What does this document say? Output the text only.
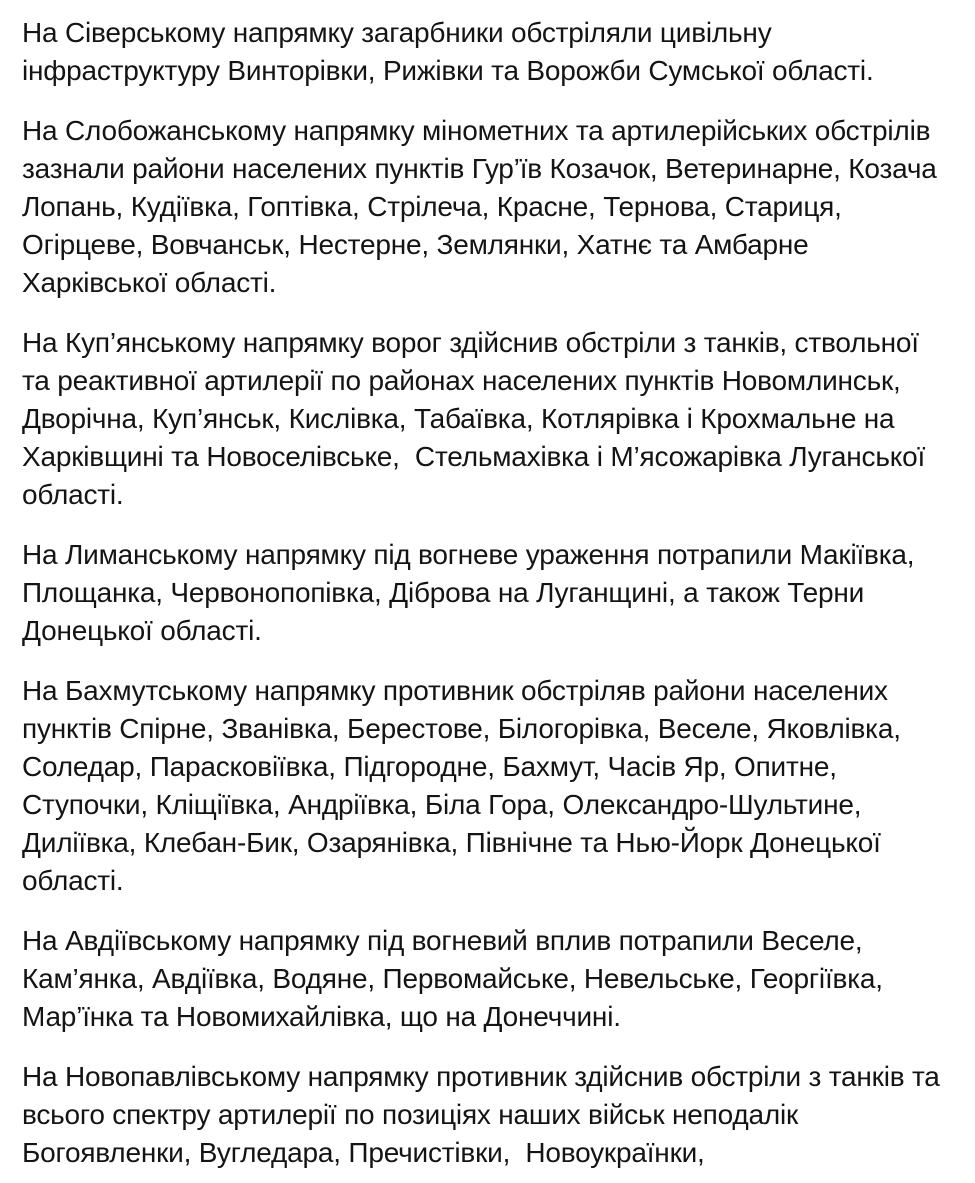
На Сіверському напрямку загарбники обстріляли цивільну інфраструктуру Винторівки, Рижівки та Ворожби Сумської області.

На Слобожанському напрямку мінометних та артилерійських обстрілів зазнали райони населених пунктів Гур’їв Козачок, Ветеринарне, Козача Лопань, Кудіївка, Гоптівка, Стрілеча, Красне, Тернова, Стариця, Огірцеве, Вовчанськ, Нестерне, Землянки, Хатнє та Амбарне Харківської області.

На Куп’янському напрямку ворог здійснив обстріли з танків, ствольної та реактивної артилерії по районах населених пунктів Новомлинськ, Дворічна, Куп’янськ, Кислівка, Табаївка, Котлярівка і Крохмальне на Харківщині та Новоселівське,  Стельмахівка і М’ясожарівка Луганської області.

На Лиманському напрямку під вогневе ураження потрапили Макіївка, Площанка, Червонопопівка, Діброва на Луганщині, а також Терни Донецької області.

На Бахмутському напрямку противник обстріляв райони населених пунктів Спірне, Званівка, Берестове, Білогорівка, Веселе, Яковлівка, Соледар, Парасковіївка, Підгородне, Бахмут, Часів Яр, Опитне, Ступочки, Кліщіївка, Андріївка, Біла Гора, Олександро-Шультине, Диліївка, Клебан-Бик, Озарянівка, Північне та Нью-Йорк Донецької області.

На Авдіївському напрямку під вогневий вплив потрапили Веселе, Кам’янка, Авдіївка, Водяне, Первомайське, Невельське, Георгіївка, Мар’їнка та Новомихайлівка, що на Донеччині.

На Новопавлівському напрямку противник здійснив обстріли з танків та всього спектру артилерії по позиціях наших військ неподалік Богоявленки, Вугледара, Пречистівки,  Новоукраїнки,
